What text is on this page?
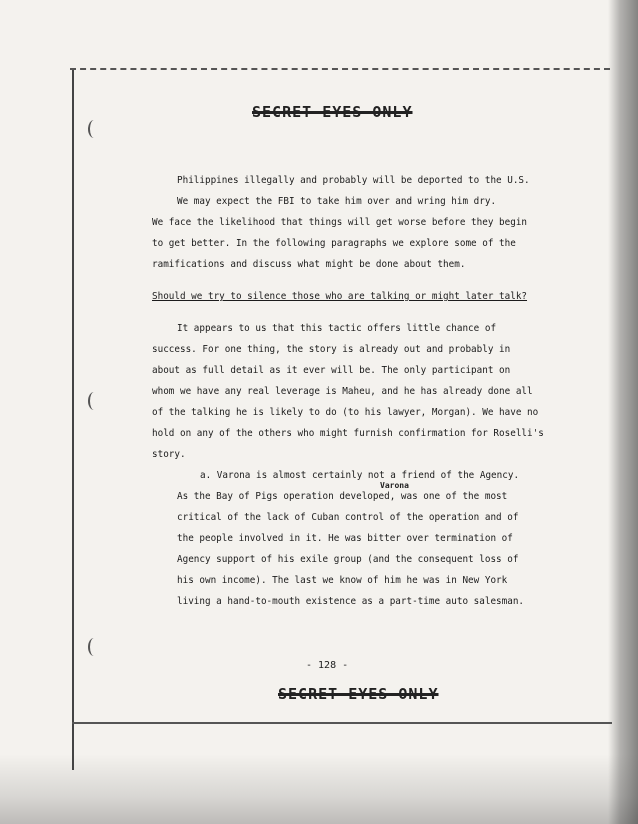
SECRET-EYES ONLY
Philippines illegally and probably will be deported to the U.S.
We may expect the FBI to take him over and wring him dry.
We face the likelihood that things will get worse before they begin
to get better. In the following paragraphs we explore some of the
ramifications and discuss what might be done about them.
Should we try to silence those who are talking or might later talk?
It appears to us that this tactic offers little chance of
success. For one thing, the story is already out and probably in
about as full detail as it ever will be. The only participant on
whom we have any real leverage is Maheu, and he has already done all
of the talking he is likely to do (to his lawyer, Morgan). We have no
hold on any of the others who might furnish confirmation for Roselli's
story.
a. Varona is almost certainly not a friend of the Agency.
Varona
As the Bay of Pigs operation developed, was one of the most
critical of the lack of Cuban control of the operation and of
the people involved in it. He was bitter over termination of
Agency support of his exile group (and the consequent loss of
his own income). The last we know of him he was in New York
living a hand-to-mouth existence as a part-time auto salesman.
- 128 -
SECRET EYES ONLY
